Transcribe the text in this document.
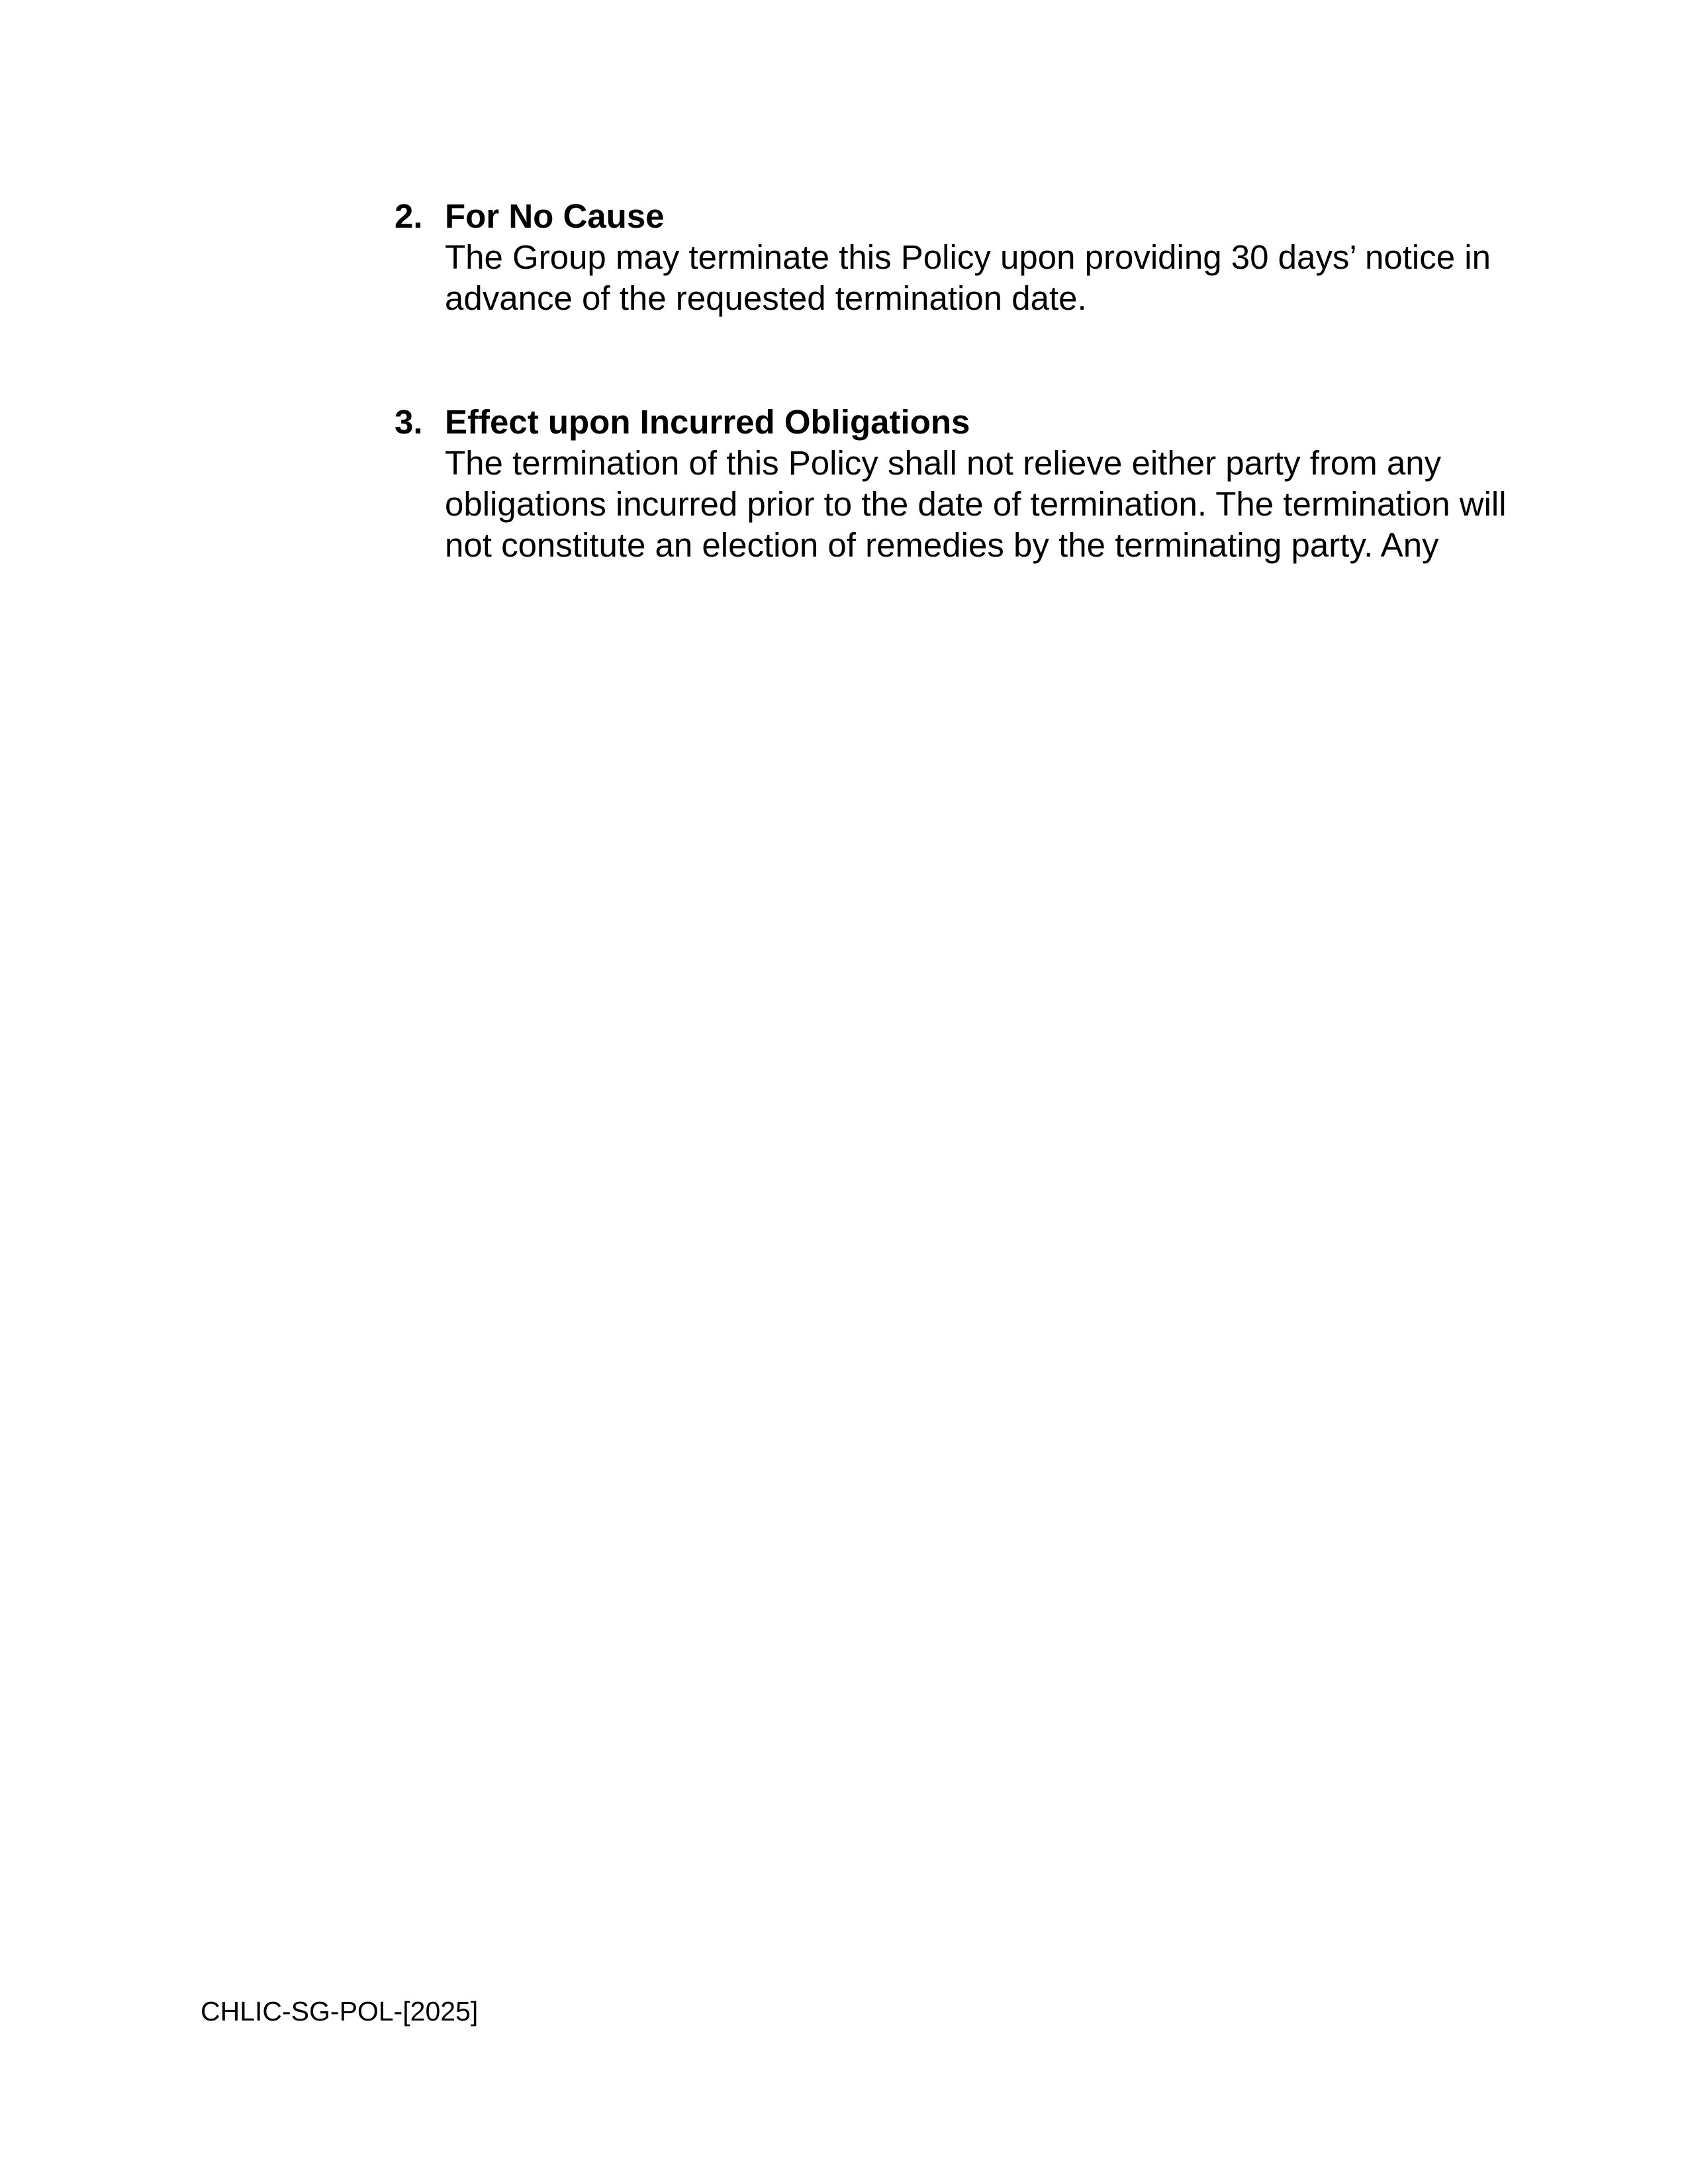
2. For No Cause
The Group may terminate this Policy upon providing 30 days’ notice in
advance of the requested termination date.
3. Effect upon Incurred Obligations
The termination of this Policy shall not relieve either party from any
obligations incurred prior to the date of termination. The termination will
not constitute an election of remedies by the terminating party. Any
CHLIC-SG-POL-[2025]
